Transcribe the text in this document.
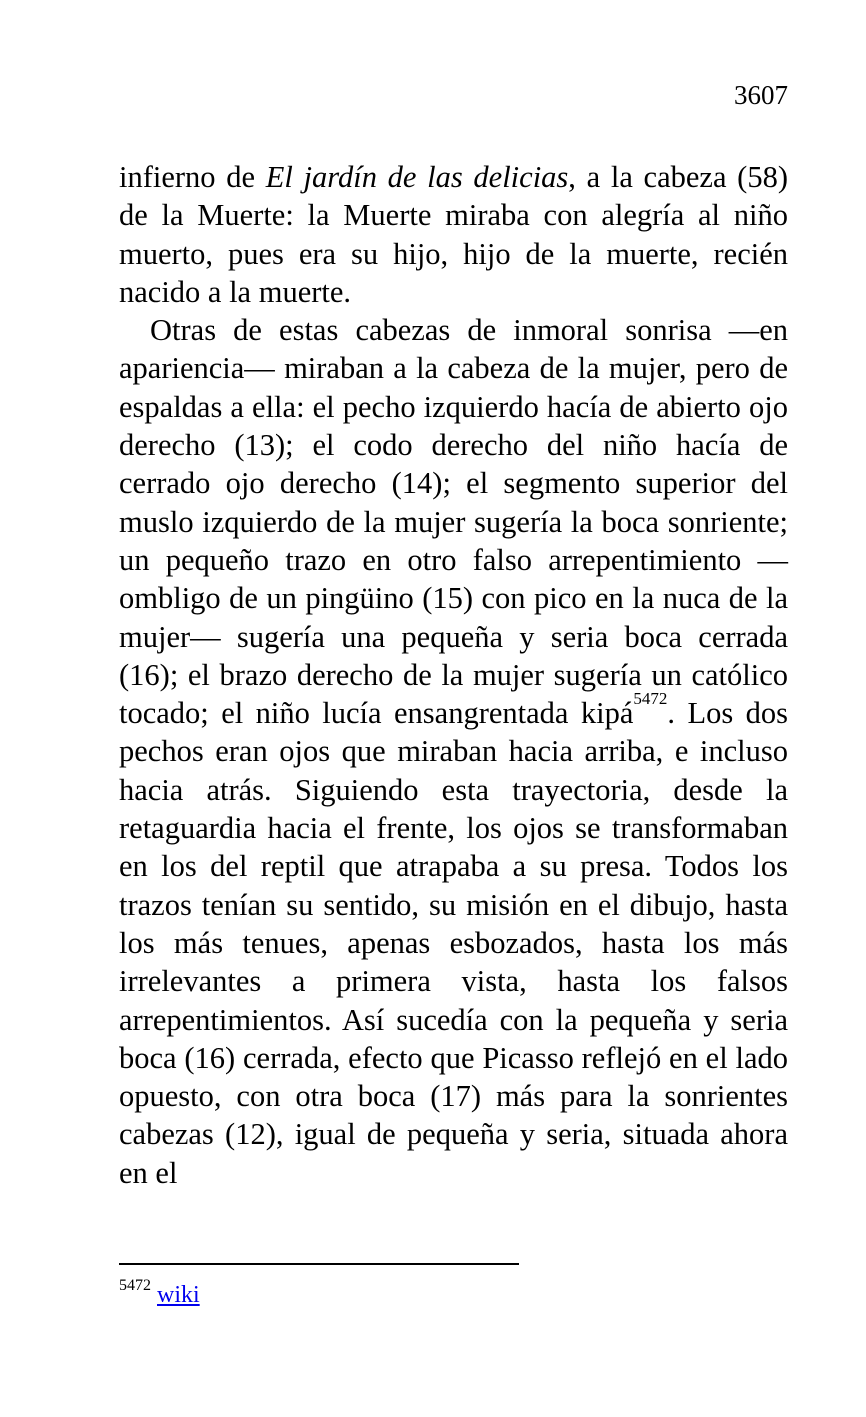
3607

infierno de El jardín de las delicias, a la cabeza (58) de la Muerte: la Muerte miraba con alegría al niño muerto, pues era su hijo, hijo de la muerte, recién nacido a la muerte.

Otras de estas cabezas de inmoral sonrisa —en apariencia— miraban a la cabeza de la mujer, pero de espaldas a ella: el pecho izquierdo hacía de abierto ojo derecho (13); el codo derecho del niño hacía de cerrado ojo derecho (14); el segmento superior del muslo izquierdo de la mujer sugería la boca sonriente; un pequeño trazo en otro falso arrepentimiento —ombligo de un pingüino (15) con pico en la nuca de la mujer— sugería una pequeña y seria boca cerrada (16); el brazo derecho de la mujer sugería un católico tocado; el niño lucía ensangrentada kipá$^{5472}$. Los dos pechos eran ojos que miraban hacia arriba, e incluso hacia atrás. Siguiendo esta trayectoria, desde la retaguardia hacia el frente, los ojos se transformaban en los del reptil que atrapaba a su presa. Todos los trazos tenían su sentido, su misión en el dibujo, hasta los más tenues, apenas esbozados, hasta los más irrelevantes a primera vista, hasta los falsos arrepentimientos. Así sucedía con la pequeña y seria boca (16) cerrada, efecto que Picasso reflejó en el lado opuesto, con otra boca (17) más para la sonrientes cabezas (12), igual de pequeña y seria, situada ahora en el

$^{5472}$ wiki
